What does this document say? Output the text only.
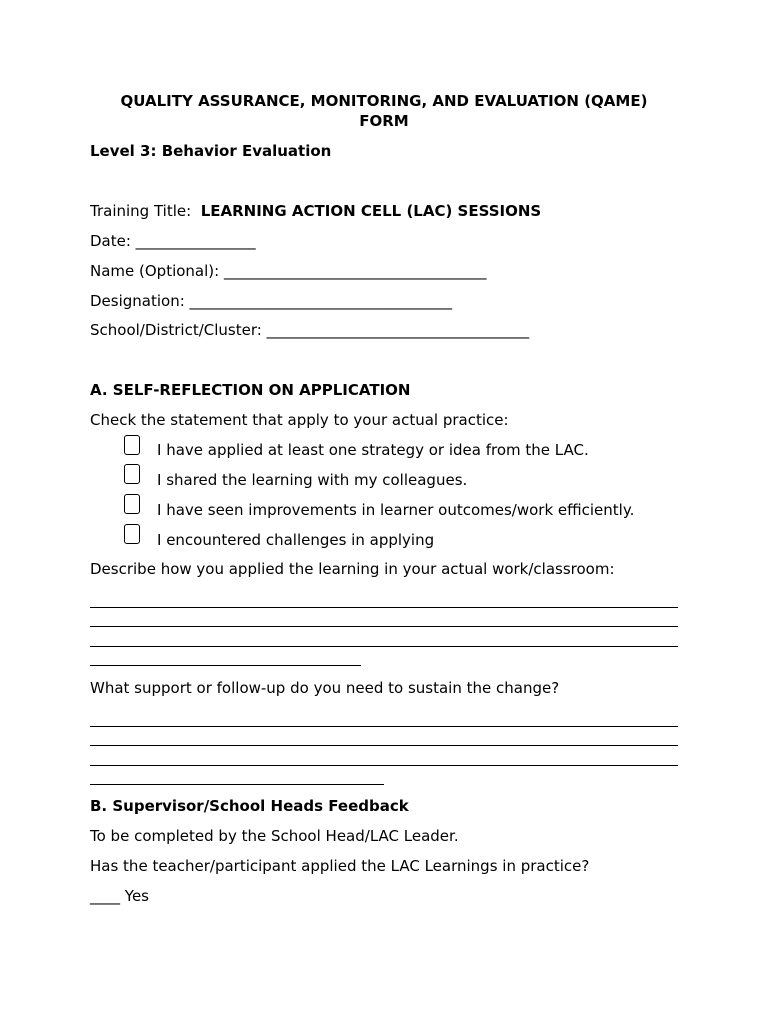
QUALITY ASSURANCE, MONITORING, AND EVALUATION (QAME)
FORM
Level 3: Behavior Evaluation
Training Title: LEARNING ACTION CELL (LAC) SESSIONS
Date: ________________
Name (Optional): ___________________________________
Designation: ___________________________________
School/District/Cluster: ___________________________________
A. SELF-REFLECTION ON APPLICATION
Check the statement that apply to your actual practice:
I have applied at least one strategy or idea from the LAC.
I shared the learning with my colleagues.
I have seen improvements in learner outcomes/work efficiently.
I encountered challenges in applying
Describe how you applied the learning in your actual work/classroom:
What support or follow-up do you need to sustain the change?
B. Supervisor/School Heads Feedback
To be completed by the School Head/LAC Leader.
Has the teacher/participant applied the LAC Learnings in practice?
____ Yes
